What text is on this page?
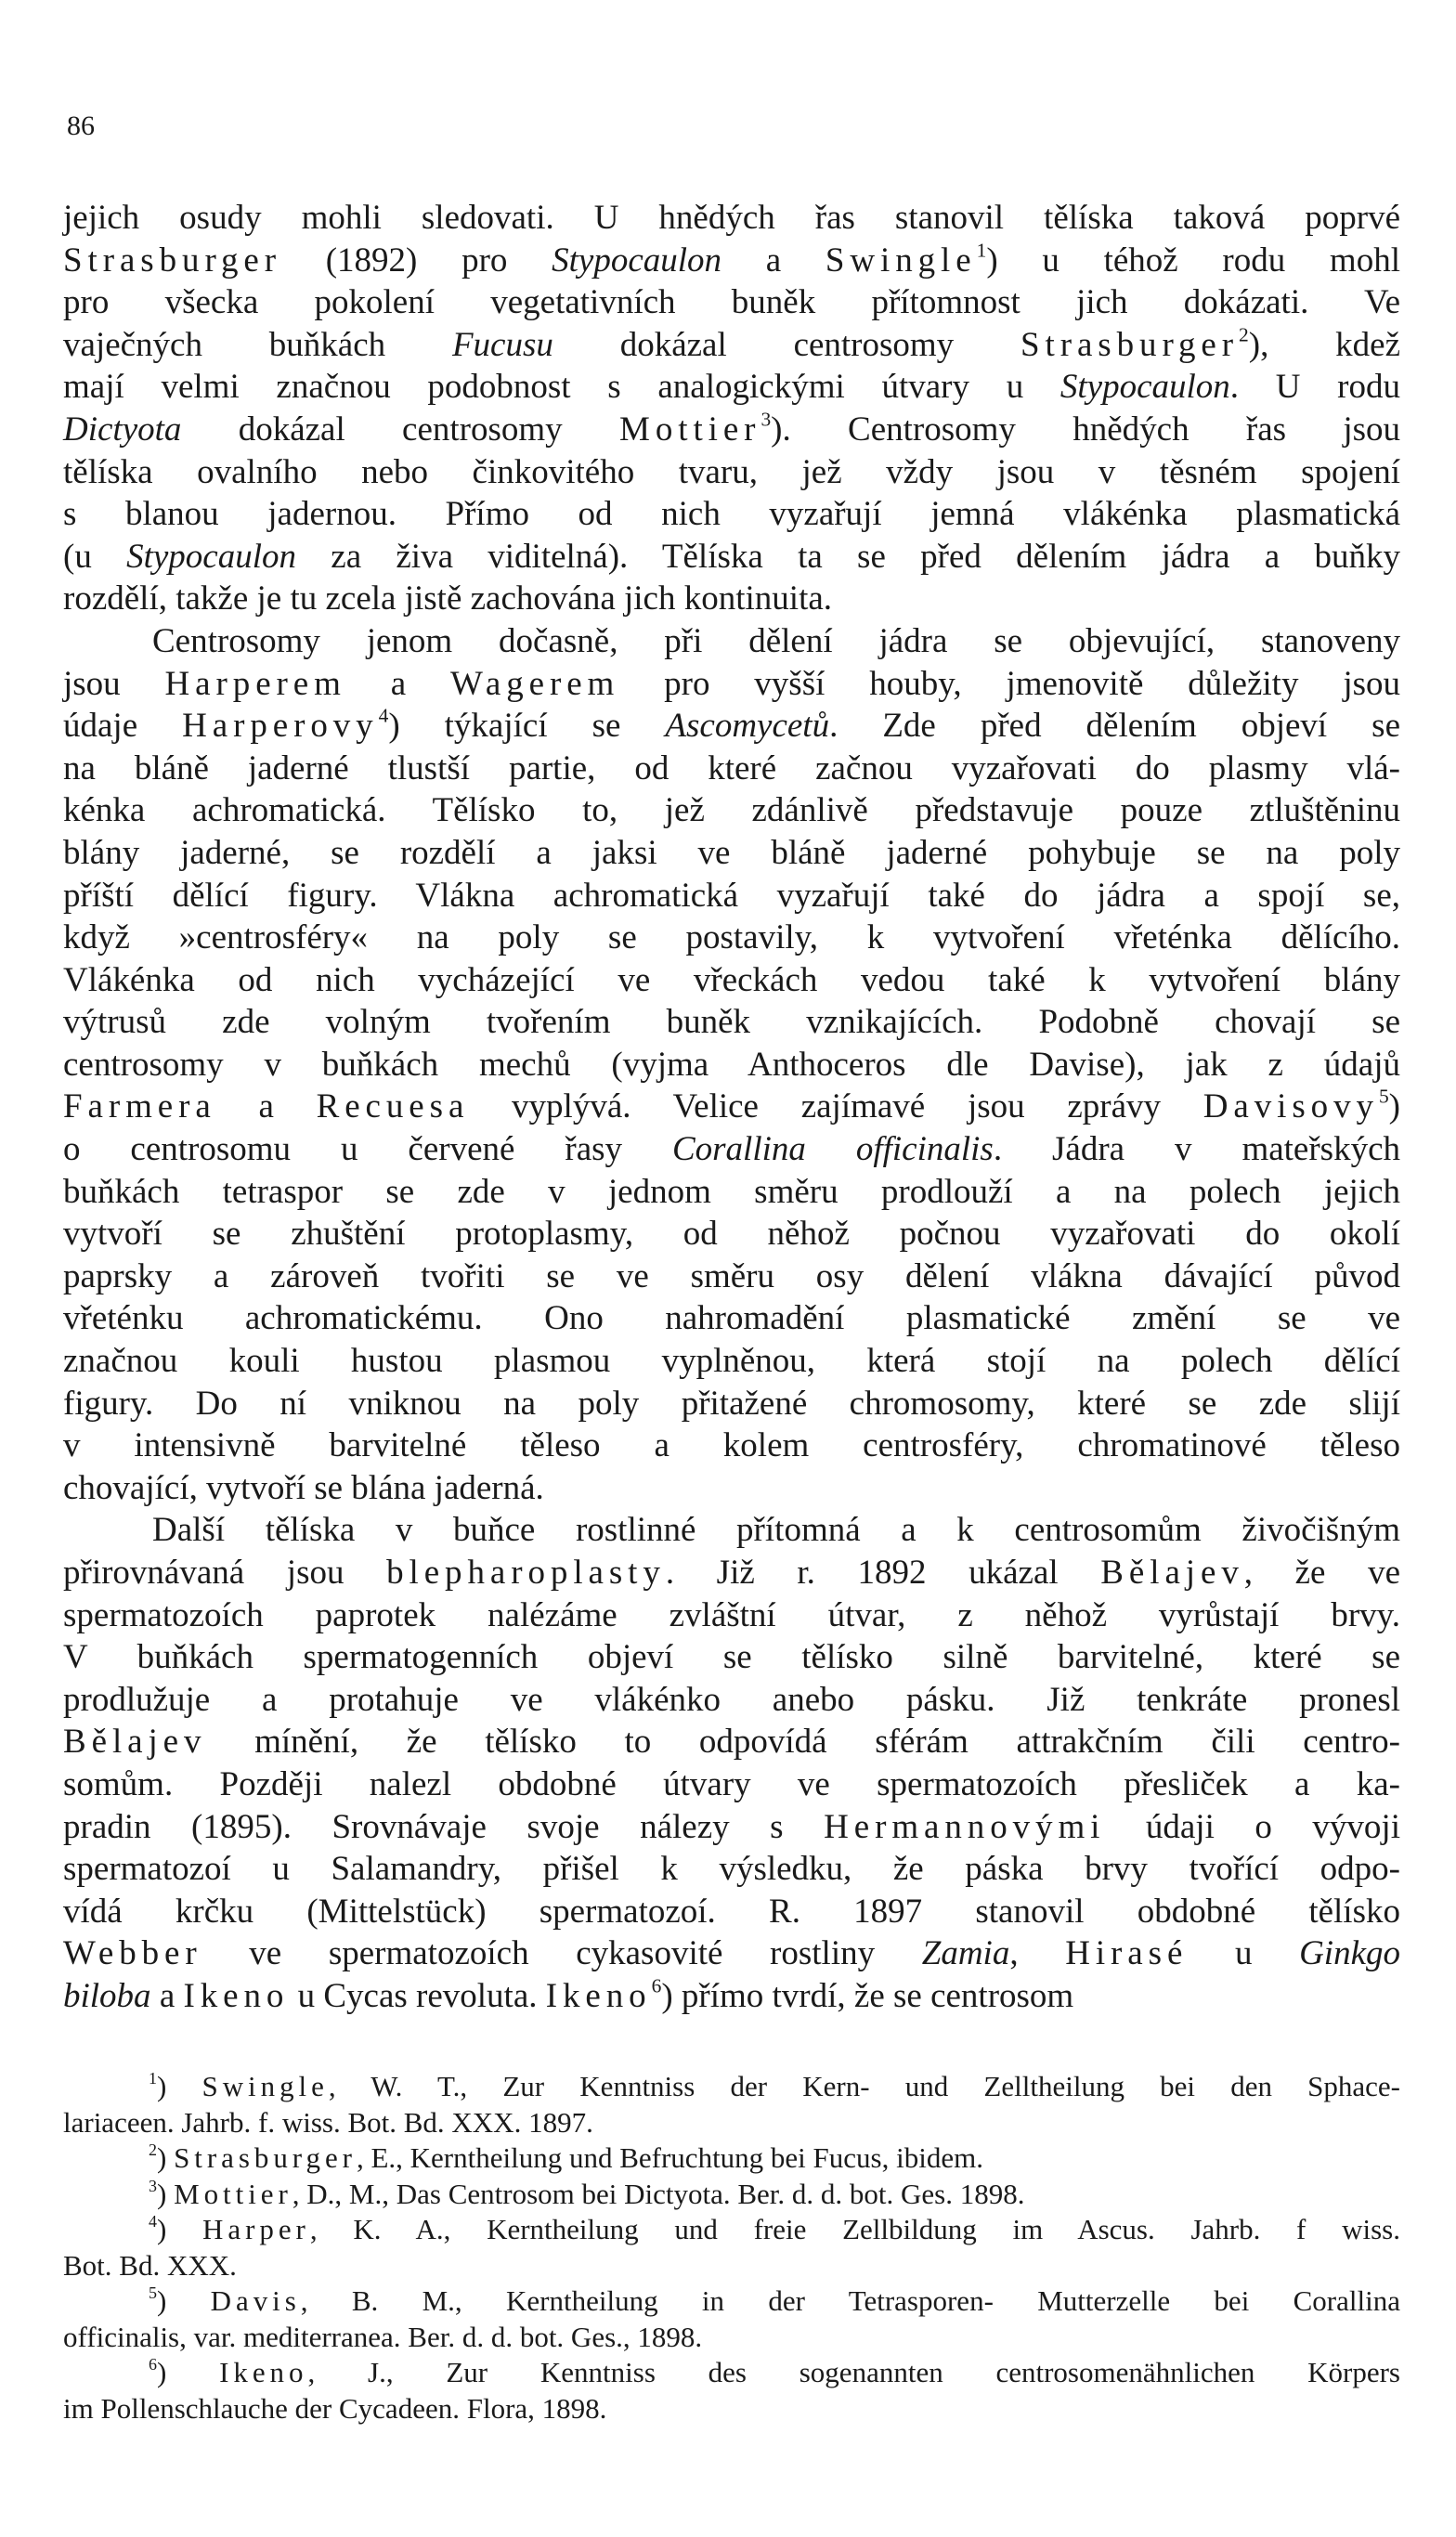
86
jejich osudy mohli sledovati. U hnědých řas stanovil tělíska taková poprvé
Strasburger (1892) pro Stypocaulon a Swingle$^1$) u téhož rodu mohl
pro všecka pokolení vegetativních buněk přítomnost jich dokázati. Ve
vaječných buňkách Fucusu dokázal centrosomy Strasburger$^2$), kdež
mají velmi značnou podobnost s analogickými útvary u Stypocaulon. U rodu
Dictyota dokázal centrosomy Mottier$^3$). Centrosomy hnědých řas jsou
tělíska ovalního nebo činkovitého tvaru, jež vždy jsou v těsném spojení
s blanou jadernou. Přímo od nich vyzařují jemná vlákénka plasmatická
(u Stypocaulon za živa viditelná). Tělíska ta se před dělením jádra a buňky
rozdělí, takže je tu zcela jistě zachována jich kontinuita.
Centrosomy jenom dočasně, při dělení jádra se objevující, stanoveny
jsou Harperem a Wagerem pro vyšší houby, jmenovitě důležity jsou
údaje Harperovy$^4$) týkající se Ascomycetů. Zde před dělením objeví se
na bláně jaderné tlustší partie, od které začnou vyzařovati do plasmy vlá-
kénka achromatická. Tělísko to, jež zdánlivě představuje pouze ztluštěninu
blány jaderné, se rozdělí a jaksi ve bláně jaderné pohybuje se na poly
příští dělící figury. Vlákna achromatická vyzařují také do jádra a spojí se,
když »centrosféry« na poly se postavily, k vytvoření vřeténka dělícího.
Vlákénka od nich vycházející ve vřeckách vedou také k vytvoření blány
výtrusů zde volným tvořením buněk vznikajících. Podobně chovají se
centrosomy v buňkách mechů (vyjma Anthoceros dle Davise), jak z údajů
Farmera a Recuesa vyplývá. Velice zajímavé jsou zprávy Davisovy$^5$)
o centrosomu u červené řasy Corallina officinalis. Jádra v mateřských
buňkách tetraspor se zde v jednom směru prodlouží a na polech jejich
vytvoří se zhuštění protoplasmy, od něhož počnou vyzařovati do okolí
paprsky a zároveň tvořiti se ve směru osy dělení vlákna dávající původ
vřeténku achromatickému. Ono nahromadění plasmatické změní se ve
značnou kouli hustou plasmou vyplněnou, která stojí na polech dělící
figury. Do ní vniknou na poly přitažené chromosomy, které se zde slijí
v intensivně barvitelné těleso a kolem centrosféry, chromatinové těleso
chovající, vytvoří se blána jaderná.
Další tělíska v buňce rostlinné přítomná a k centrosomům živočišným
přirovnávaná jsou blepharoplasty. Již r. 1892 ukázal Bělajev, že ve
spermatozoích paprotek nalézáme zvláštní útvar, z něhož vyrůstají brvy.
V buňkách spermatogenních objeví se tělísko silně barvitelné, které se
prodlužuje a protahuje ve vlákénko anebo pásku. Již tenkráte pronesl
Bělajev mínění, že tělísko to odpovídá sférám attrakčním čili centro-
somům. Později nalezl obdobné útvary ve spermatozoích přesliček a ka-
pradin (1895). Srovnávaje svoje nálezy s Hermannovými údaji o vývoji
spermatozoí u Salamandry, přišel k výsledku, že páska brvy tvořící odpo-
vídá krčku (Mittelstück) spermatozoí. R. 1897 stanovil obdobné tělísko
Webber ve spermatozoích cykasovité rostliny Zamia, Hirasé u Ginkgo
biloba a Ikeno u Cycas revoluta. Ikeno$^6$) přímo tvrdí, že se centrosom
$^1$) Swingle, W. T., Zur Kenntniss der Kern- und Zelltheilung bei den Sphace-
lariaceen. Jahrb. f. wiss. Bot. Bd. XXX. 1897.
$^2$) Strasburger, E., Kerntheilung und Befruchtung bei Fucus, ibidem.
$^3$) Mottier, D., M., Das Centrosom bei Dictyota. Ber. d. d. bot. Ges. 1898.
$^4$) Harper, K. A., Kerntheilung und freie Zellbildung im Ascus. Jahrb. f wiss.
Bot. Bd. XXX.
$^5$) Davis, B. M., Kerntheilung in der Tetrasporen- Mutterzelle bei Corallina
officinalis, var. mediterranea. Ber. d. d. bot. Ges., 1898.
$^6$) Ikeno, J., Zur Kenntniss des sogenannten centrosomenähnlichen Körpers
im Pollenschlauche der Cycadeen. Flora, 1898.
